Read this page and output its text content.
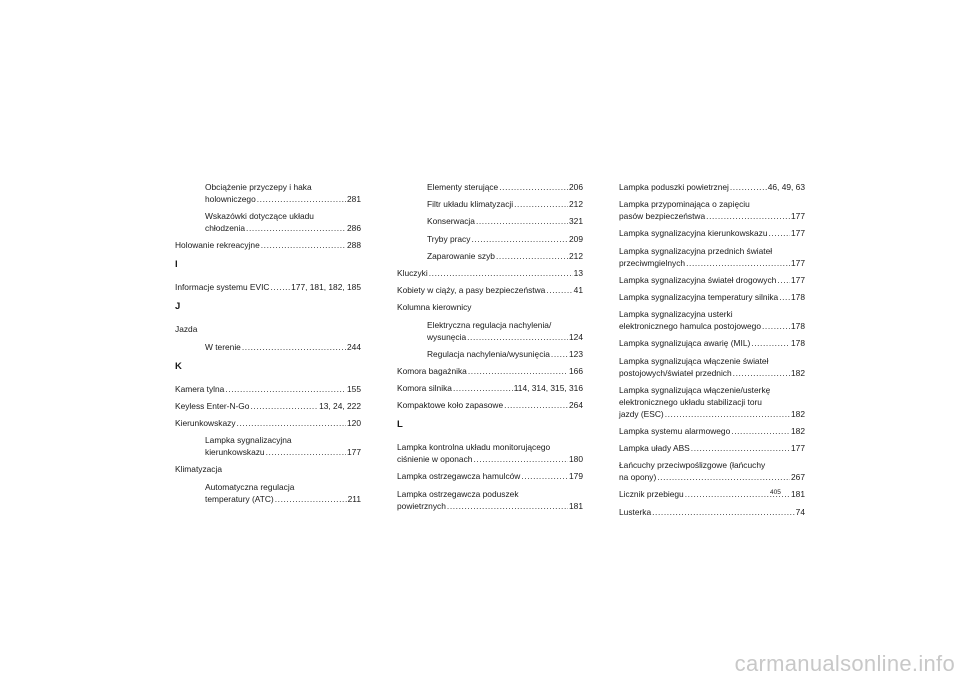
Obciążenie przyczepy i haka
holowniczego .....	281
Wskazówki dotyczące układu
chłodzenia .....	286
Holowanie rekreacyjne .....	288
I
Informacje systemu EVIC .....	177, 181, 182, 185
J
Jazda
W terenie .....	244
K
Kamera tylna .....	155
Keyless Enter-N-Go .....	13, 24, 222
Kierunkowskazy .....	120
Lampka sygnalizacyjna
kierunkowskazu .....	177
Klimatyzacja
Automatyczna regulacja
temperatury (ATC) .....	211
Elementy sterujące .....	206
Filtr układu klimatyzacji .....	212
Konserwacja .....	321
Tryby pracy .....	209
Zaparowanie szyb .....	212
Kluczyki .....	13
Kobiety w ciąży, a pasy bezpieczeństwa .....	41
Kolumna kierownicy
Elektryczna regulacja nachylenia/
wysunęcia .....	124
Regulacja nachylenia/wysunięcia ..... 123
Komora bagażnika .....	166
Komora silnika .....	114, 314, 315, 316
Kompaktowe koło zapasowe .....	264
L
Lampka kontrolna układu monitorującego
ciśnienie w oponach .....	180
Lampka ostrzegawcza hamulców .....	179
Lampka ostrzegawcza poduszek
powietrznych .....	181
Lampka poduszki powietrznej .....	46, 49, 63
Lampka przypominająca o zapięciu
pasów bezpieczeństwa .....	177
Lampka sygnalizacyjna kierunkowskazu .....	177
Lampka sygnalizacyjna przednich świateł
przeciwmgielnych .....	177
Lampka sygnalizacyjna świateł drogowych ..... 177
Lampka sygnalizacyjna temperatury silnika ..... 178
Lampka sygnalizacyjna usterki
elektronicznego hamulca postojowego .....	178
Lampka sygnalizująca awarię (MIL) .....	178
Lampka sygnalizująca włączenie świateł
postojowych/świateł przednich .....	182
Lampka sygnalizująca włączenie/usterkę
elektronicznego układu stabilizacji toru
jazdy (ESC) .....	182
Lampka systemu alarmowego .....	182
Lampka ułady ABS .....	177
Łańcuchy przeciwpoślizgowe (łańcuchy
na opony) .....	267
Licznik przebiegu .....	181
Lusterka .....	74
405
carmanualsonline.info
